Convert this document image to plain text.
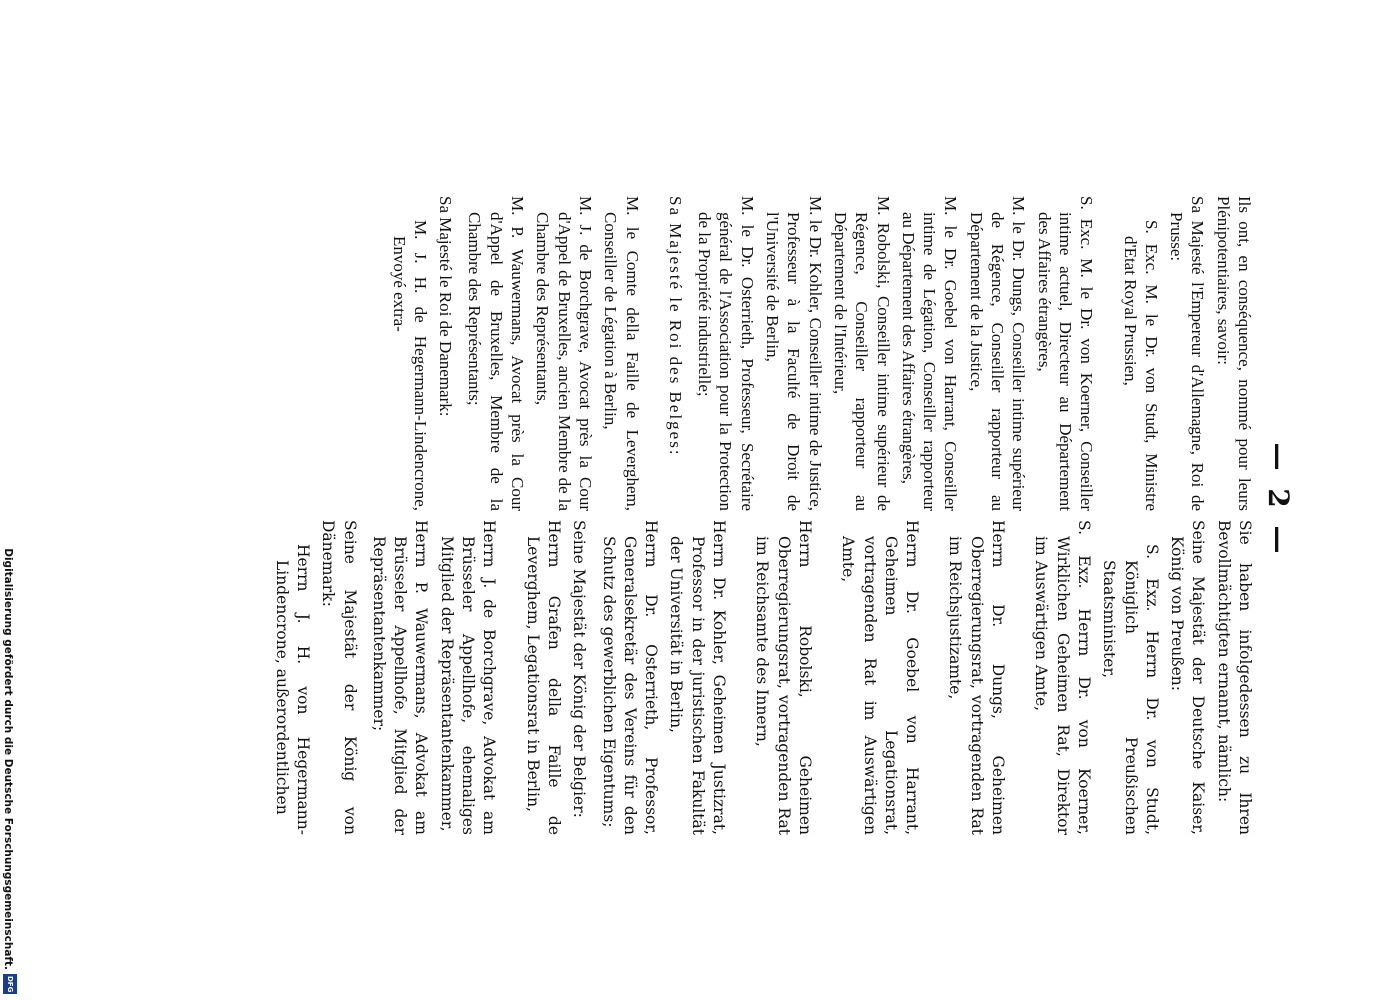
— 2 —

Ils ont, en conséquence, nommé pour leurs Plénipotentiaires, savoir:

Sa Majesté l'Empereur d'Allemagne, Roi de Prusse:

S. Exc. M. le Dr. von Studt, Ministre d'Etat Royal Prussien,

S. Exc. M. le Dr. von Koerner, Conseiller intime actuel, Directeur au Département des Affaires étrangères,

M. le Dr. Dungs, Conseiller intime supérieur de Régence, Conseiller rapporteur au Département de la Justice,

M. le Dr. Goebel von Harrant, Conseiller intime de Légation, Conseiller rapporteur au Département des Affaires étrangères,

M. Robolski, Conseiller intime supérieur de Régence, Conseiller rapporteur au Département de l'Intérieur,

M. le Dr. Kohler, Conseiller intime de Justice, Professeur à la Faculté de Droit de l'Université de Berlin,

M. le Dr. Osterrieth, Professeur, Secrétaire général de l'Association pour la Protection de la Propriété industrielle;

Sa Majesté le Roi des Belges:

M. le Comte della Faille de Leverghem, Conseiller de Légation à Berlin,

M. J. de Borchgrave, Avocat près la Cour d'Appel de Bruxelles, ancien Membre de la Chambre des Représentants,

M. P. Wauwermans, Avocat près la Cour d'Appel de Bruxelles, Membre de la Chambre des Représentants;

Sa Majesté le Roi de Danemark:

M. J. H. de Hegermann-Lindencrone, Envoyé extra-

Sie haben infolgedessen zu Ihren Bevollmächtigten ernannt, nämlich:

Seine Majestät der Deutsche Kaiser, König von Preußen:

S. Exz. Herrn Dr. von Studt, Königlich Preußischen Staatsminister,

S. Exz. Herrn Dr. von Koerner, Wirklichen Geheimen Rat, Direktor im Auswärtigen Amte,

Herrn Dr. Dungs, Geheimen Oberregierungsrat, vortragenden Rat im Reichsjustizamte,

Herrn Dr. Goebel von Harrant, Geheimen Legationsrat, vortragenden Rat im Auswärtigen Amte,

Herrn Robolski, Geheimen Oberregierungsrat, vortragenden Rat im Reichsamte des Innern,

Herrn Dr. Kohler, Geheimen Justizrat, Professor in der juristischen Fakultät der Universität in Berlin,

Herrn Dr. Osterrieth, Professor, Generalsekretär des Vereins für den Schutz des gewerblichen Eigentums;

Seine Majestät der König der Belgier:

Herrn Grafen della Faille de Leverghem, Legationsrat in Berlin,

Herrn J. de Borchgrave, Advokat am Brüsseler Appellhofe, ehemaliges Mitglied der Repräsentantenkammer,

Herrn P. Wauwermans, Advokat am Brüsseler Appellhofe, Mitglied der Repräsentantenkammer;

Seine Majestät der König von Dänemark:

Herrn J. H. von Hegermann-Lindencrone, außerordentlichen

Digitalisierung gefördert durch die Deutsche Forschungsgemeinschaft.
DFG
